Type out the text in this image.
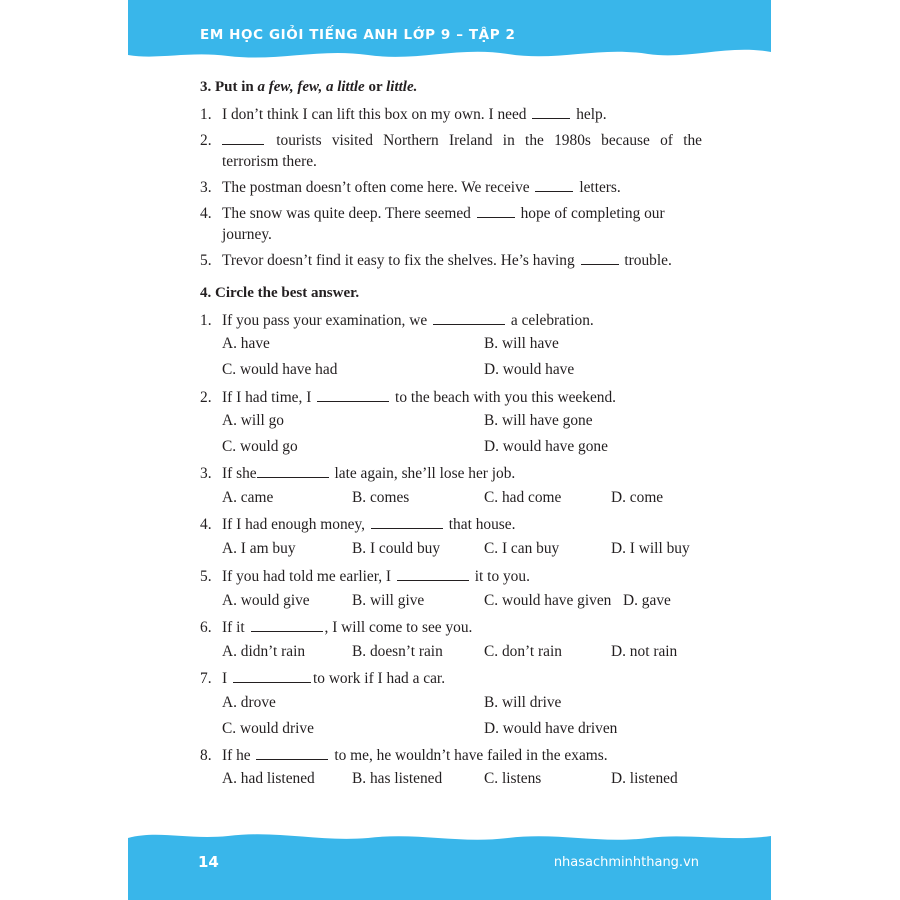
EM HỌC GIỎI TIẾNG ANH LỚP 9 – TẬP 2
14	nhasachminhthang.vn
3. Put in a few, few, a little or little.
1. I don’t think I can lift this box on my own. I need	help.
2.	tourists visited Northern Ireland in the 1980s because of the
terrorism there.
3. The postman doesn’t often come here. We receive	letters.
4. The snow was quite deep. There seemed	hope of completing our
journey.
5. Trevor doesn’t find it easy to fix the shelves. He’s having	trouble.
4. Circle the best answer.
1. If you pass your examination, we	a celebration.
A. have	B. will have
C. would have had	D. would have
2. If I had time, I	to the beach with you this weekend.
A. will go	B. will have gone
C. would go	D. would have gone
3. If she	late again, she’ll lose her job.
A. came	B. comes	C. had come	D. come
4. If I had enough money,	that house.
A. I am buy	B. I could buy	C. I can buy	D. I will buy
5. If you had told me earlier, I	it to you.
A. would give	B. will give	C. would have given D. gave
6. If it	, I will come to see you.
A. didn’t rain	B. doesn’t rain	C. don’t rain	D. not rain
7. I	to work if I had a car.
A. drove	B. will drive
C. would drive	D. would have driven
8. If he	to me, he wouldn’t have failed in the exams.
A. had listened B. has listened	C. listens	D. listened
